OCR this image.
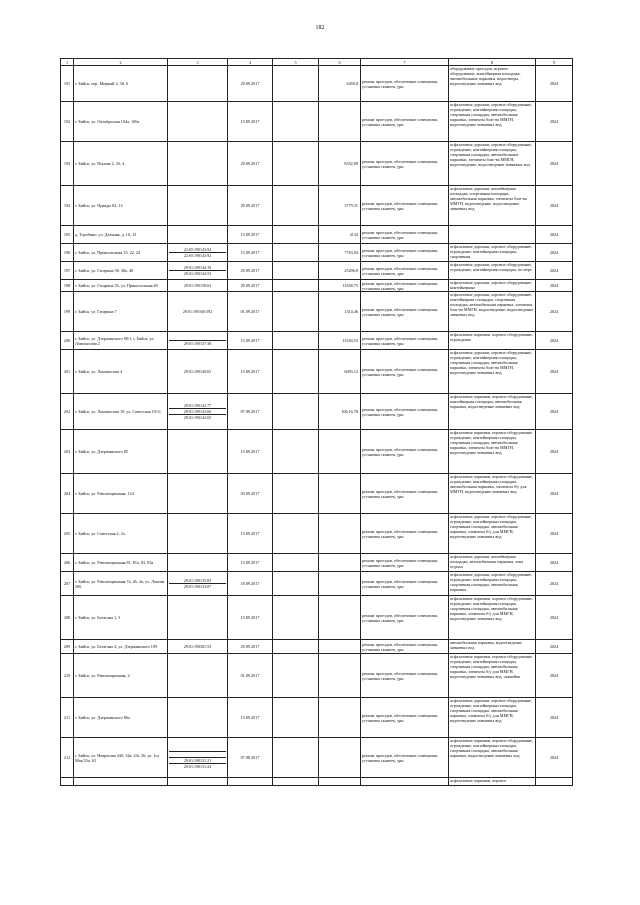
182
1	2	3	4	5	6	7	8	9
191	г. Бийск, пер. Мерный 3, 38, 6		29.09.2017		4450,8	ремонт проездов, обеспечение освещения, установка скамеек, урн	оборудование проездов, игровое оборудование, контейнерная площадка, автомобильные парковки, водоотводы, водоотведение ливневых вод	2024
192	г. Бийск, ул. Октябрьская 104а, 106а		15.09.2017			ремонт проездов, обеспечение освещения, установка скамеек, урн	асфальтовые дорожки, игровое оборудование, ограждение, контейнерная площадка, спортивная площадка, автомобильная парковка, элементы благ-ва ММГН, водоотведение ливневых вод	2024
193	г. Бийск, ул. Попова 2, 2б, 4		29.09.2017		8352,89	ремонт проездов, обеспечение освещения, установка скамеек, урн	асфальтовые дорожки, игровое оборудование, ограждение, контейнерная площадка, спортивная площадка, автомобильные парковки, элементы благ-ва ММГН, водоотведение, водоотведение ливневых вод	2024
194	г. Бийск, ул. Правды 82, 14		29.09.2017		3779,31	ремонт проездов, обеспечение освещения, установка скамеек, урн	асфальтовые дорожки, контейнерная площадка, спортивная площадка, автомобильная парковка, элементы благ-ва ММГН, водоотведение, водоотведение ливневых вод	2024
195	д. Торобино, ул. Дальняя, д. 10, 12		15.09.2017		4134	ремонт проездов, обеспечение освещения, установка скамеек, урн		2024
196	г. Бийск, ул. Приколхозная 35, 22, 24	22:65:190143:94
22:65:190143:92	15.09.2017		7763,04	ремонт проездов, обеспечение освещения, установка скамеек, урн	асфальтовые дорожки, игровое оборудование, ограждение, контейнерная площадка, спортивная	2024
197	г. Бийск, ул. Гагарина 38, 38а, 40	29:01:190144:19
29:01:190144:53	29.09.2017		25296,8	ремонт проездов, обеспечение освещения, установка скамеек, урн	асфальтовые дорожки, игровое оборудование, ограждение, контейнерная площадка, по мере	2024
198	г. Бийск, ул. Гагарина 35, ул. Приносельная 40	29:01:190158:63	29.09.2017		11658,75	ремонт проездов, обеспечение освещения, установка скамеек, урн	асфальтовые дорожки, игровое оборудование, контейнерные	2024
199	г. Бийск, ул. Гагарина 7	29:01:190160:592	01.09.2017		1314,46	ремонт проездов, обеспечение освещения, установка скамеек, урн	асфальтовые дорожки, игровое оборудование, контейнерная площадка, спортивная площадка, автомобильная парковка, элементы благ-ва ММГН, водоотведение, водоотведение ливневых вод	2024
200	г. Бийск, ул. Дзержинского 80/1, г. Бийск, ул. Ломоносова 2	29:01:190137:38	15.09.2017		13184,53	ремонт проездов, обеспечение освещения, установка скамеек, урн	асфальтовые парковки, игровое оборудование, ограждение	2024
201	г. Бийск, ул. Ломоносова 4	29:01:190140:65	15.09.2017		6093,12	ремонт проездов, обеспечение освещения, установка скамеек, урн	асфальтовые дорожки, игровое оборудование, ограждение, контейнерная площадка, спортивная площадка, автомобильная парковка, элементы благ-ва ММГН, водоотведение ливневых вод	2024
202	г. Бийск, ул. Ломоносова 19, ул. Советская 19/11	29:01:190142:77
29:01:190142:66
29:01:190142:65	07.09.2017		106,16,78	ремонт проездов, обеспечение освещения, установка скамеек, урн	асфальтовые парковки, игровое оборудование, контейнерная площадка, автомобильная парковка, водоотведение ливневых вод	2024
203	г. Бийск, ул. Дзержинского 85		15.09.2017			ремонт проездов, обеспечение освещения, установка скамеек, урн	асфальтовые парковки, игровое оборудование, ограждение, контейнерная площадка, спортивная площадка, автомобильная парковка, элементы благ-ва ММГН, водоотведение ливневых вод	2024
204	г. Бийск, ул. Революционная, 124		03.09.2017			ремонт проездов, обеспечение освещения, установка скамеек, урн	асфальтовые парковки, игровое оборудование, ограждение, контейнерная площадка, автомобильная парковка, элементы б/у для ММГН, водоотведение ливневых вод	2024
205	г. Бийск, ул. Советская 2, 2а		15.09.2017			ремонт проездов, обеспечение освещения, установка скамеек, урн	асфальтовые дорожки, игровое оборудование, ограждение, контейнерная площадка, спортивная площадка, автомобильная парковка, элементы б/у для ММГН, водоотведение ливневых вод	2024
206	г. Бийск, ул. Революционная 81, 81а, 83, 83а		15.09.2017			ремонт проездов, обеспечение освещения, установка скамеек, урн	асфальтовые дорожки, контейнерная площадка, автомобильная парковка, зона отдыха	2024
207	г. Бийск, ул. Революционная 7а, 26, 2в, ул. Ломова 206	29:01:190135:83
29:01:190133:87	18.09.2017			ремонт проездов, обеспечение освещения, установка скамеек, урн	асфальтовые дорожки, игровое оборудование, ограждение, контейнерная площадка, спортивная площадка, автомобильная парковка	2024
208	г. Бийск, ул. Бетагана 1, 3		15.09.2017			ремонт проездов, обеспечение освещения, установка скамеек, урн	асфальтовые парковки, игровое оборудование, ограждение, контейнерная площадка, спортивная площадка, автомобильная парковка, элементы б/у для ММГН, водоотведение ливневых вод	2024
209	г. Бийск, ул. Бетагана 4, ул. Дзержинского 199	29:01:190301:53	29.09.2017			ремонт проездов, обеспечение освещения, установка скамеек, урн	автомобильная парковка, водоотведение ливневых вод	2024
210	г. Бийск, ул. Революционная, 2		01.09.2017			ремонт проездов, обеспечение освещения, установка скамеек, урн	асфальтовые парковки, игровое оборудование, ограждение, контейнерная площадка, спортивная площадка, автомобильная парковка, элементы б/у для ММГН, водоотведение ливневых вод, скамейки	2024
211	г. Бийск, ул. Дзержинского 86а		15.09.2017			ремонт проездов, обеспечение освещения, установка скамеек, урн	асфальтовые дорожки, игровое оборудование, ограждение, контейнерная площадка, спортивная площадка, автомобильная парковка, элементы б/у для ММГН, водоотведение ливневых вод	2024
212	г. Бийск, ул. Некрасова 24б, 34а, 24г, 26, ул. 1го Мая 55а, 63	29:01:190131:21
29:01:190131:24	07.08.2017			ремонт проездов, обеспечение освещения, установка скамеек, урн	асфальтовые парковки, игровое оборудование, ограждение, контейнерная площадка, спортивная площадка, автомобильная парковка, водоотведение ливневых вод	2024

					асфальтовые парковки, игровое	
